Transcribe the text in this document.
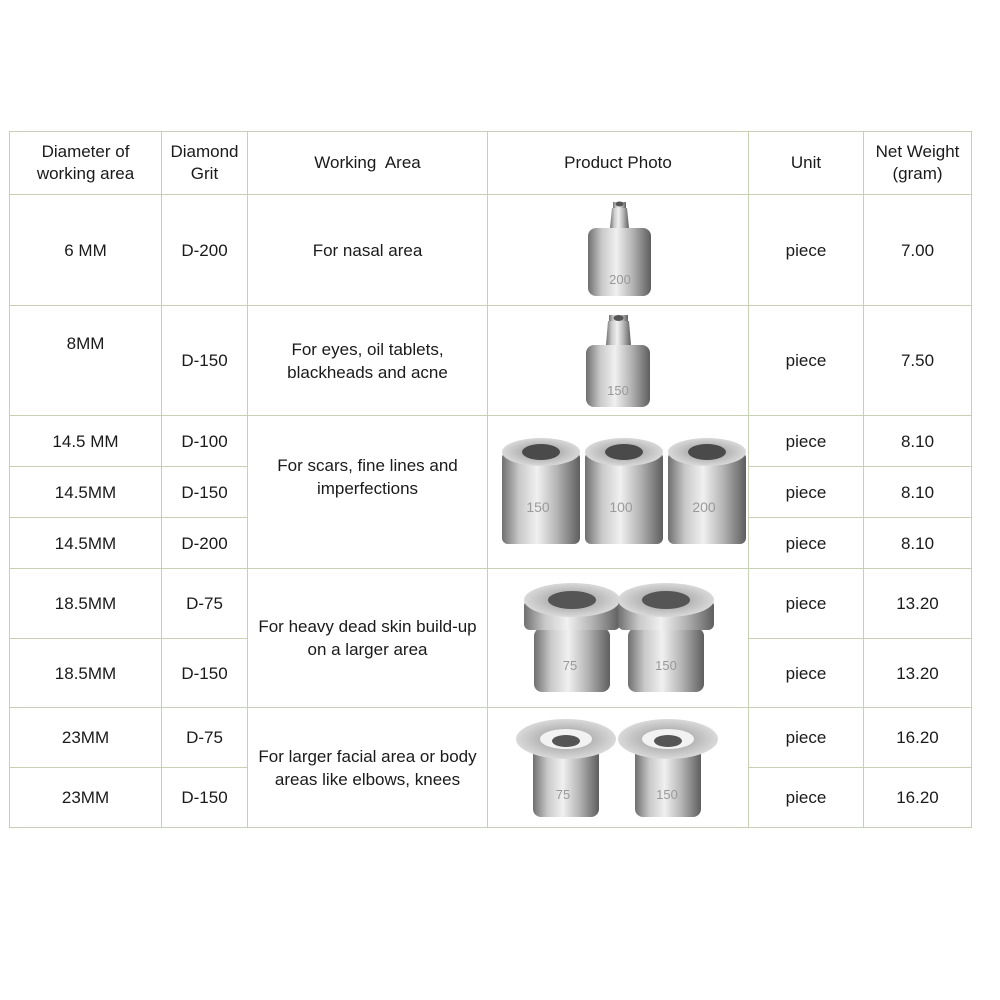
Diameter of working area	Diamond Grit	Working  Area	Product Photo	Unit	Net Weight (gram)
6 MM	D-200	For nasal area	200	piece	7.00
8MM	D-150	For eyes, oil tablets, blackheads and acne	150	piece	7.50
14.5 MM	D-100	For scars, fine lines and imperfections	150 100 200	piece	8.10
14.5MM	D-150			piece	8.10
14.5MM	D-200			piece	8.10
18.5MM	D-75	For heavy dead skin build-up on a larger area	75 150	piece	13.20
18.5MM	D-150			piece	13.20
23MM	D-75	For larger facial area or body areas like elbows, knees	75 150	piece	16.20
23MM	D-150			piece	16.20
